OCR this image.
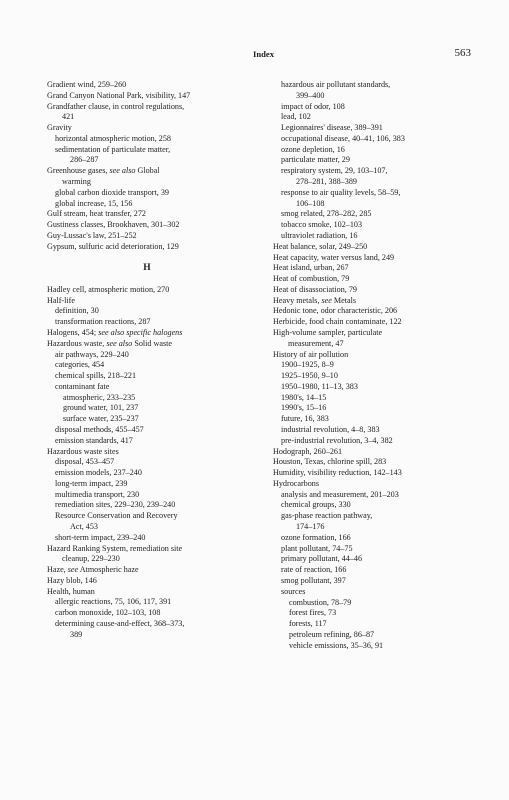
Index	563
Gradient wind, 259–260
Grand Canyon National Park, visibility, 147
Grandfather clause, in control regulations,
421
Gravity
horizontal atmospheric motion, 258
sedimentation of particulate matter,
286–287
Greenhouse gases, see also Global
warming
global carbon dioxide transport, 39
global increase, 15, 156
Gulf stream, heat transfer, 272
Gustiness classes, Brookhaven, 301–302
Guy-Lussac's law, 251–252
Gypsum, sulfuric acid deterioration, 129
H
Hadley cell, atmospheric motion, 270
Half-life
definition, 30
transformation reactions, 287
Halogens, 454; see also specific halogens
Hazardous waste, see also Solid waste
air pathways, 229–240
categories, 454
chemical spills, 218–221
contaminant fate
atmospheric, 233–235
ground water, 101, 237
surface water, 235–237
disposal methods, 455–457
emission standards, 417
Hazardous waste sites
disposal, 453–457
emission models, 237–240
long-term impact, 239
multimedia transport, 230
remediation sites, 229–230, 239–240
Resource Conservation and Recovery
Act, 453
short-term impact, 239–240
Hazard Ranking System, remediation site
cleanup, 229–230
Haze, see Atmospheric haze
Hazy blob, 146
Health, human
allergic reactions, 75, 106, 117, 391
carbon monoxide, 102–103, 108
determining cause-and-effect, 368–373,
389
hazardous air pollutant standards,
399–400
impact of odor, 108
lead, 102
Legionnaires' disease, 389–391
occupational disease, 40–41, 106, 383
ozone depletion, 16
particulate matter, 29
respiratory system, 29, 103–107,
278–281, 388–389
response to air quality levels, 58–59,
106–108
smog related, 278–282, 285
tobacco smoke, 102–103
ultraviolet radiation, 16
Heat balance, solar, 249–250
Heat capacity, water versus land, 249
Heat island, urban, 267
Heat of combustion, 79
Heat of disassociation, 79
Heavy metals, see Metals
Hedonic tone, odor characteristic, 206
Herbicide, food chain contaminate, 122
High-volume sampler, particulate
measurement, 47
History of air pollution
1900–1925, 8–9
1925–1950, 9–10
1950–1980, 11–13, 383
1980's, 14–15
1990's, 15–16
future, 16, 383
industrial revolution, 4–8, 383
pre-industrial revolution, 3–4, 382
Hodograph, 260–261
Houston, Texas, chlorine spill, 283
Humidity, visibility reduction, 142–143
Hydrocarbons
analysis and measurement, 201–203
chemical groups, 330
gas-phase reaction pathway,
174–176
ozone formation, 166
plant pollutant, 74–75
primary pollutant, 44–46
rate of reaction, 166
smog pollutant, 397
sources
combustion, 78–79
forest fires, 73
forests, 117
petroleum refining, 86–87
vehicle emissions, 35–36, 91
